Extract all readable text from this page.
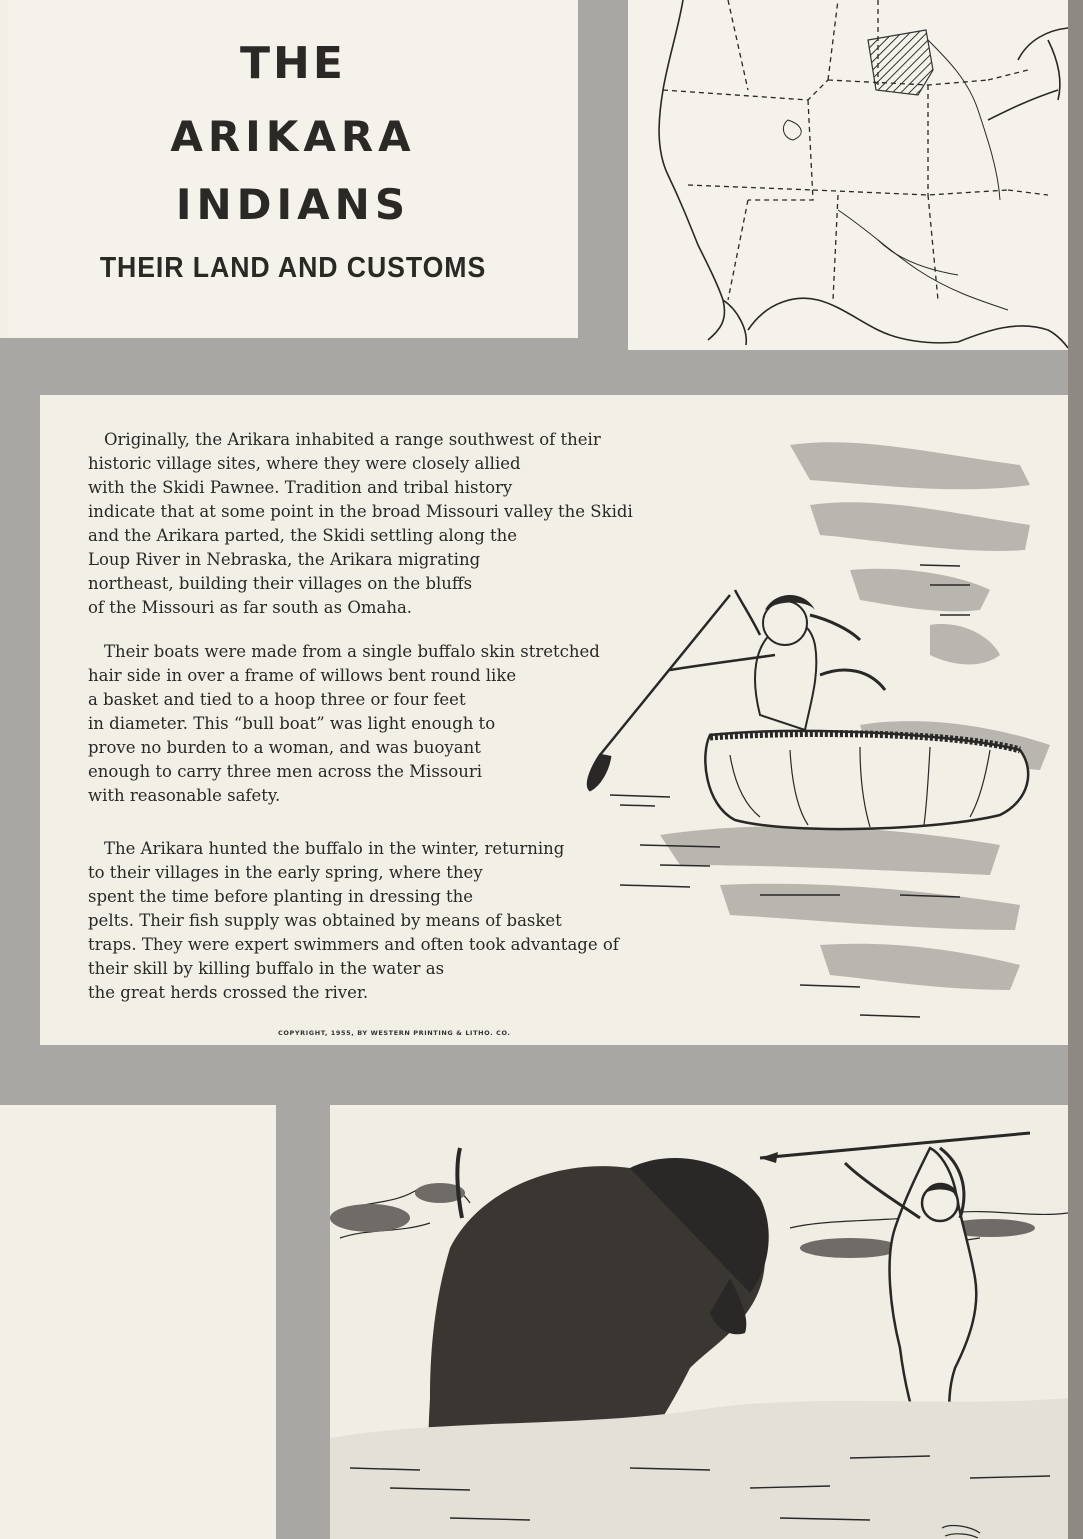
THE
ARIKARA
INDIANS
THEIR LAND AND CUSTOMS

Originally, the Arikara inhabited a range southwest of their
historic village sites, where they were closely allied
with the Skidi Pawnee. Tradition and tribal history
indicate that at some point in the broad Missouri valley the Skidi
and the Arikara parted, the Skidi settling along the
Loup River in Nebraska, the Arikara migrating
northeast, building their villages on the bluffs
of the Missouri as far south as Omaha.

Their boats were made from a single buffalo skin stretched
hair side in over a frame of willows bent round like
a basket and tied to a hoop three or four feet
in diameter. This “bull boat” was light enough to
prove no burden to a woman, and was buoyant
enough to carry three men across the Missouri
with reasonable safety.

The Arikara hunted the buffalo in the winter, returning
to their villages in the early spring, where they
spent the time before planting in dressing the
pelts. Their fish supply was obtained by means of basket
traps. They were expert swimmers and often took advantage of
their skill by killing buffalo in the water as
the great herds crossed the river.

COPYRIGHT, 1955, BY WESTERN PRINTING & LITHO. CO.
